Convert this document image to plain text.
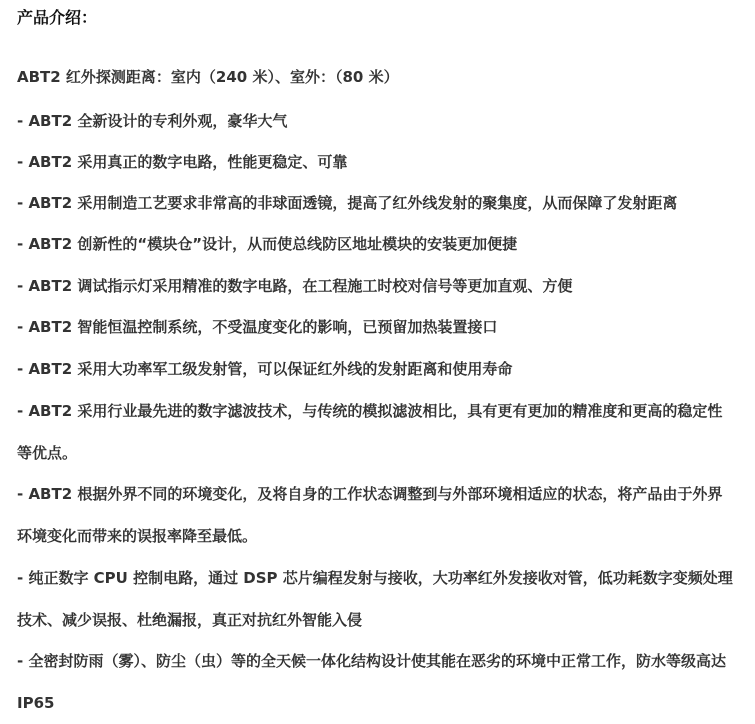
产品介绍：
ABT2 红外探测距离：室内（240 米）、室外：（80 米）
- ABT2 全新设计的专利外观，豪华大气
- ABT2 采用真正的数字电路，性能更稳定、可靠
- ABT2 采用制造工艺要求非常高的非球面透镜，提高了红外线发射的聚集度，从而保障了发射距离
- ABT2 创新性的“模块仓”设计，从而使总线防区地址模块的安装更加便捷
- ABT2 调试指示灯采用精准的数字电路，在工程施工时校对信号等更加直观、方便
- ABT2 智能恒温控制系统，不受温度变化的影响，已预留加热装置接口
- ABT2 采用大功率军工级发射管，可以保证红外线的发射距离和使用寿命
- ABT2 采用行业最先进的数字滤波技术，与传统的模拟滤波相比，具有更有更加的精准度和更高的稳定性等优点。
- ABT2 根据外界不同的环境变化，及将自身的工作状态调整到与外部环境相适应的状态，将产品由于外界环境变化而带来的误报率降至最低。
- 纯正数字 CPU 控制电路，通过 DSP 芯片编程发射与接收，大功率红外发接收对管，低功耗数字变频处理技术、减少误报、杜绝漏报，真正对抗红外智能入侵
- 全密封防雨（雾）、防尘（虫）等的全天候一体化结构设计使其能在恶劣的环境中正常工作，防水等级高达 IP65
